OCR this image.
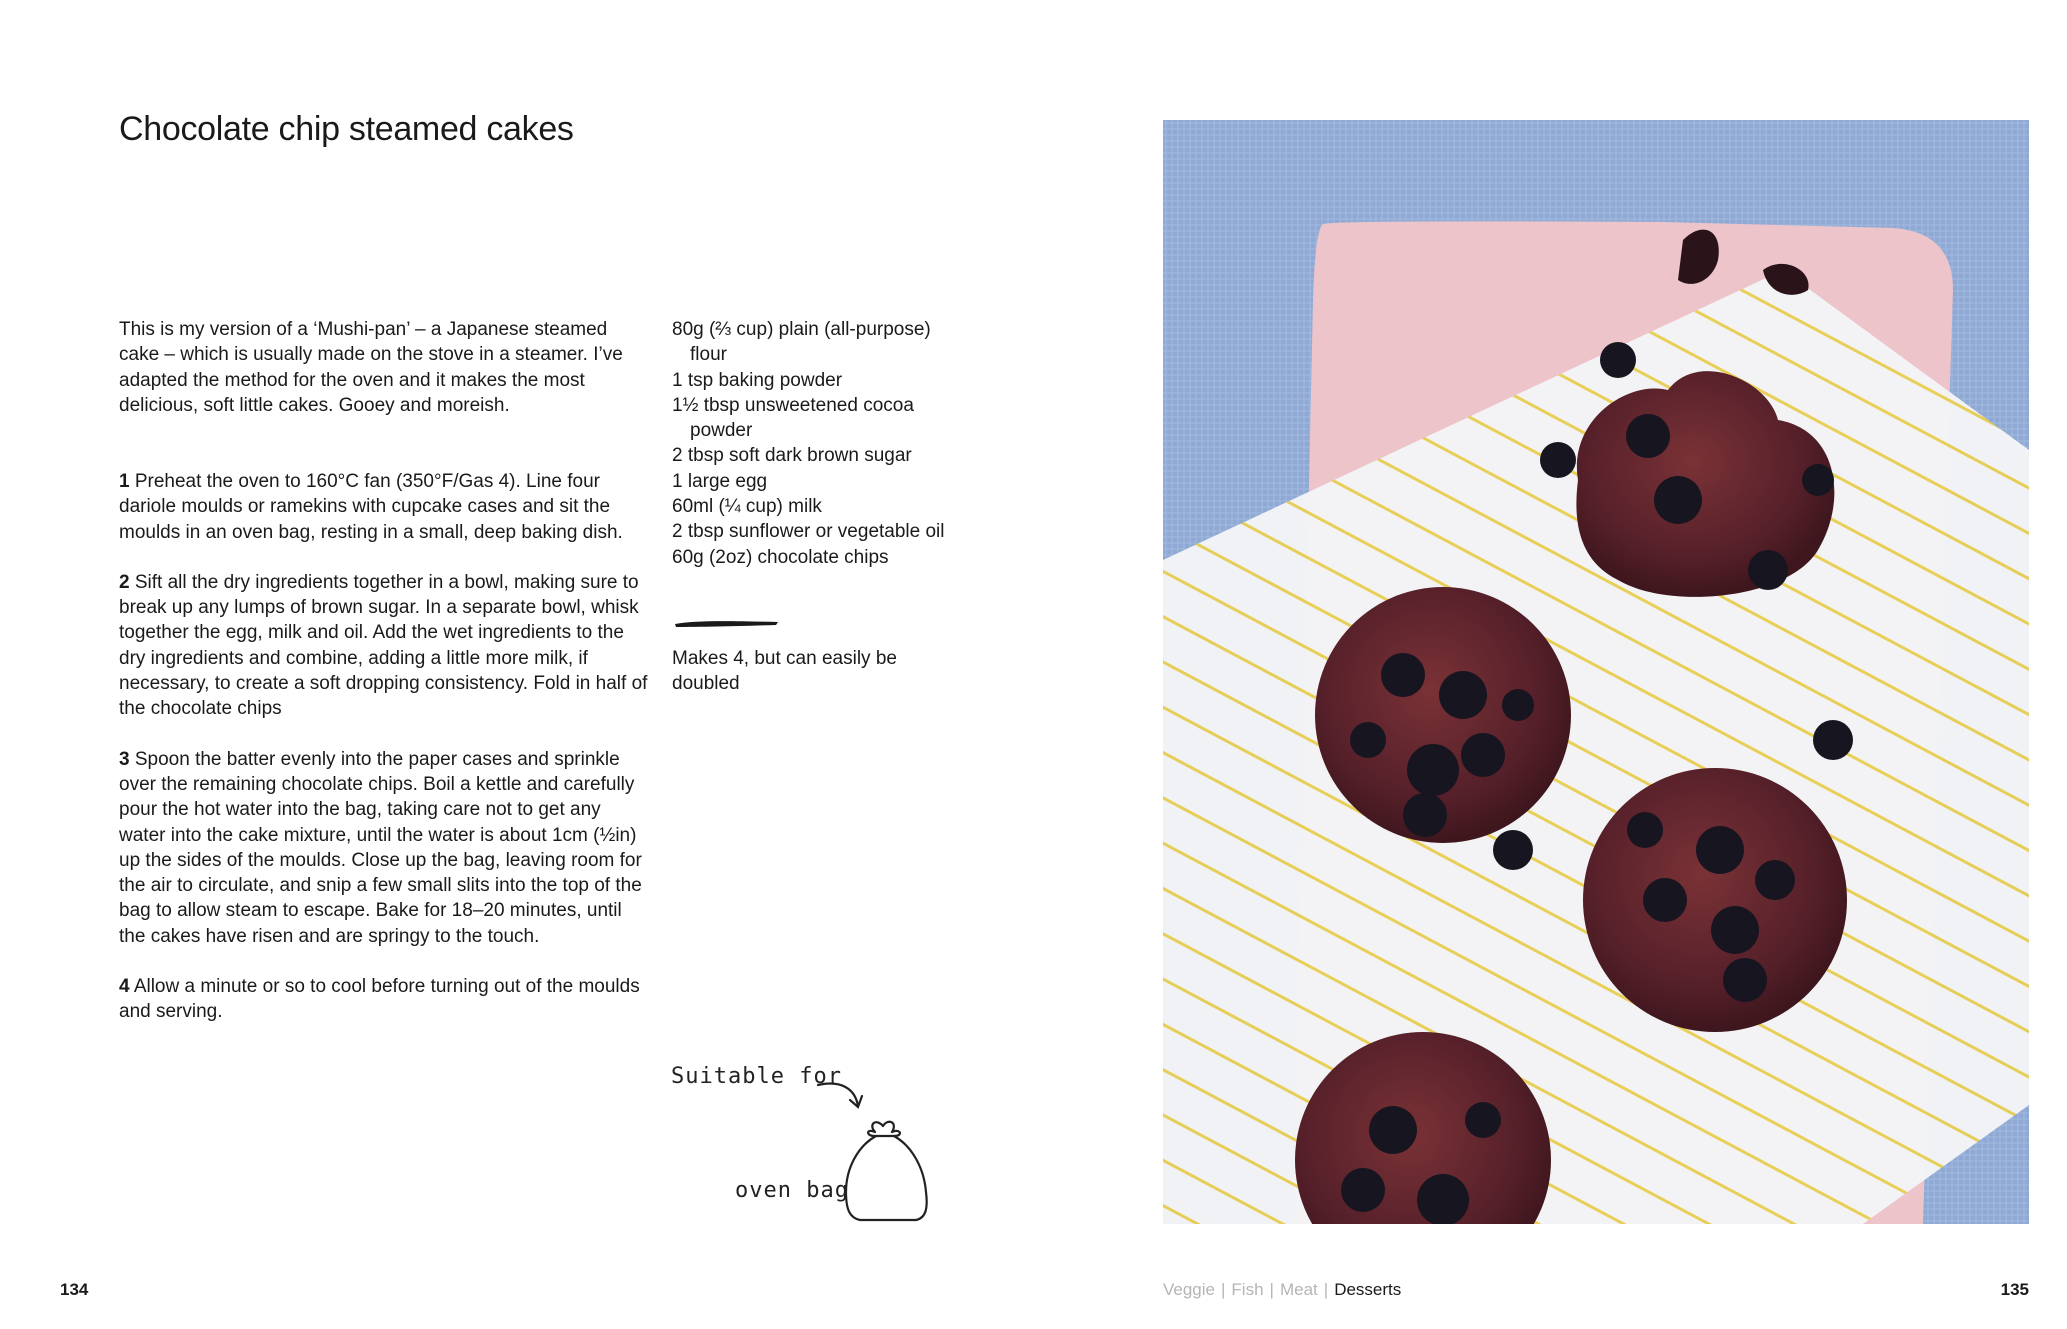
Chocolate chip steamed cakes

This is my version of a ‘Mushi-pan’ – a Japanese steamed cake – which is usually made on the stove in a steamer. I’ve adapted the method for the oven and it makes the most delicious, soft little cakes. Gooey and moreish.

1 Preheat the oven to 160°C fan (350°F/Gas 4). Line four dariole moulds or ramekins with cupcake cases and sit the moulds in an oven bag, resting in a small, deep baking dish.

2 Sift all the dry ingredients together in a bowl, making sure to break up any lumps of brown sugar. In a separate bowl, whisk together the egg, milk and oil. Add the wet ingredients to the dry ingredients and combine, adding a little more milk, if necessary, to create a soft dropping consistency. Fold in half of the chocolate chips

3 Spoon the batter evenly into the paper cases and sprinkle over the remaining chocolate chips. Boil a kettle and carefully pour the hot water into the bag, taking care not to get any water into the cake mixture, until the water is about 1cm (½in) up the sides of the moulds. Close up the bag, leaving room for the air to circulate, and snip a few small slits into the top of the bag to allow steam to escape. Bake for 18–20 minutes, until the cakes have risen and are springy to the touch.

4 Allow a minute or so to cool before turning out of the moulds and serving.

80g (⅔ cup) plain (all-purpose) flour
1 tsp baking powder
1½ tbsp unsweetened cocoa powder
2 tbsp soft dark brown sugar
1 large egg
60ml (¼ cup) milk
2 tbsp sunflower or vegetable oil
60g (2oz) chocolate chips

Makes 4, but can easily be doubled

Suitable for
oven bag
134	135
Veggie | Fish | Meat | Desserts
